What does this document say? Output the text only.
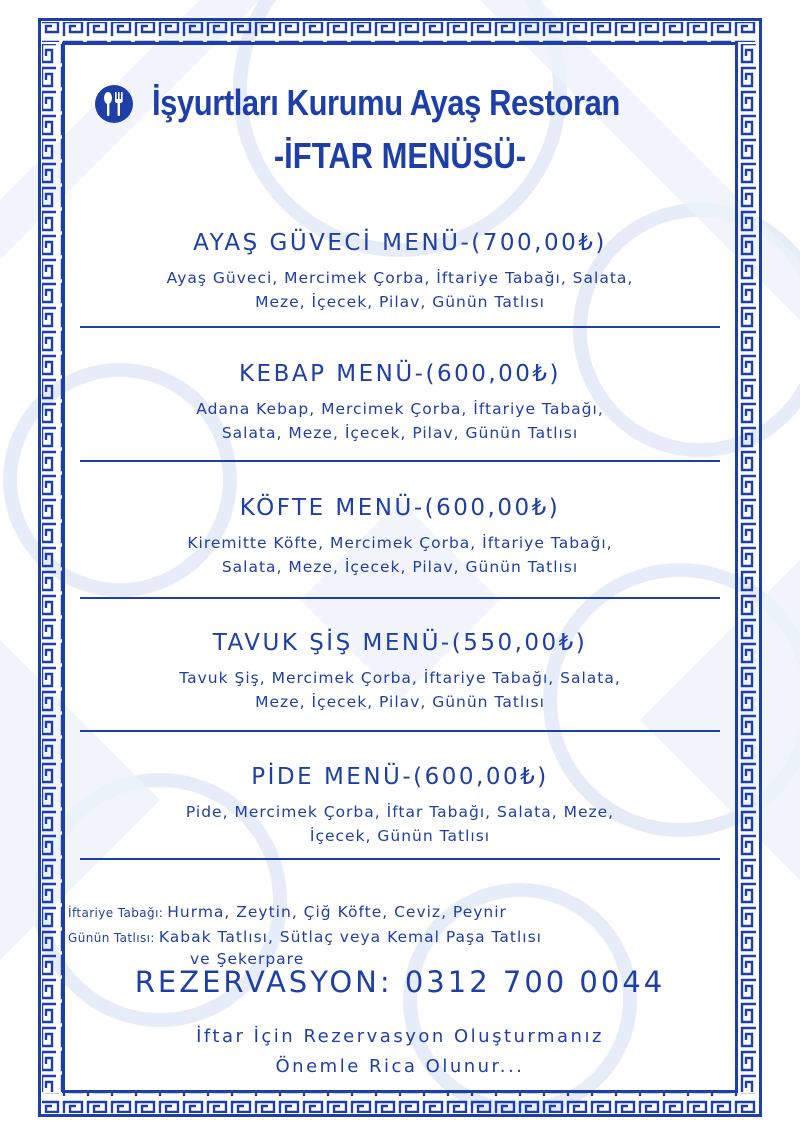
İşyurtları Kurumu Ayaş Restoran
-İFTAR MENÜSÜ-
AYAŞ GÜVECİ MENÜ-(700,00₺)
Ayaş Güveci, Mercimek Çorba, İftariye Tabağı, Salata,
Meze, İçecek, Pilav, Günün Tatlısı
KEBAP MENÜ-(600,00₺)
Adana Kebap, Mercimek Çorba, İftariye Tabağı,
Salata, Meze, İçecek, Pilav, Günün Tatlısı
KÖFTE MENÜ-(600,00₺)
Kiremitte Köfte, Mercimek Çorba, İftariye Tabağı,
Salata, Meze, İçecek, Pilav, Günün Tatlısı
TAVUK ŞİŞ MENÜ-(550,00₺)
Tavuk Şiş, Mercimek Çorba, İftariye Tabağı, Salata,
Meze, İçecek, Pilav, Günün Tatlısı
PİDE MENÜ-(600,00₺)
Pide, Mercimek Çorba, İftar Tabağı, Salata, Meze,
İçecek, Günün Tatlısı
İftariye Tabağı: Hurma, Zeytin, Çiğ Köfte, Ceviz, Peynir
Günün Tatlısı: Kabak Tatlısı, Sütlaç veya Kemal Paşa Tatlısı
ve Şekerpare
REZERVASYON: 0312 700 0044
İftar İçin Rezervasyon Oluşturmanız
Önemle Rica Olunur...
